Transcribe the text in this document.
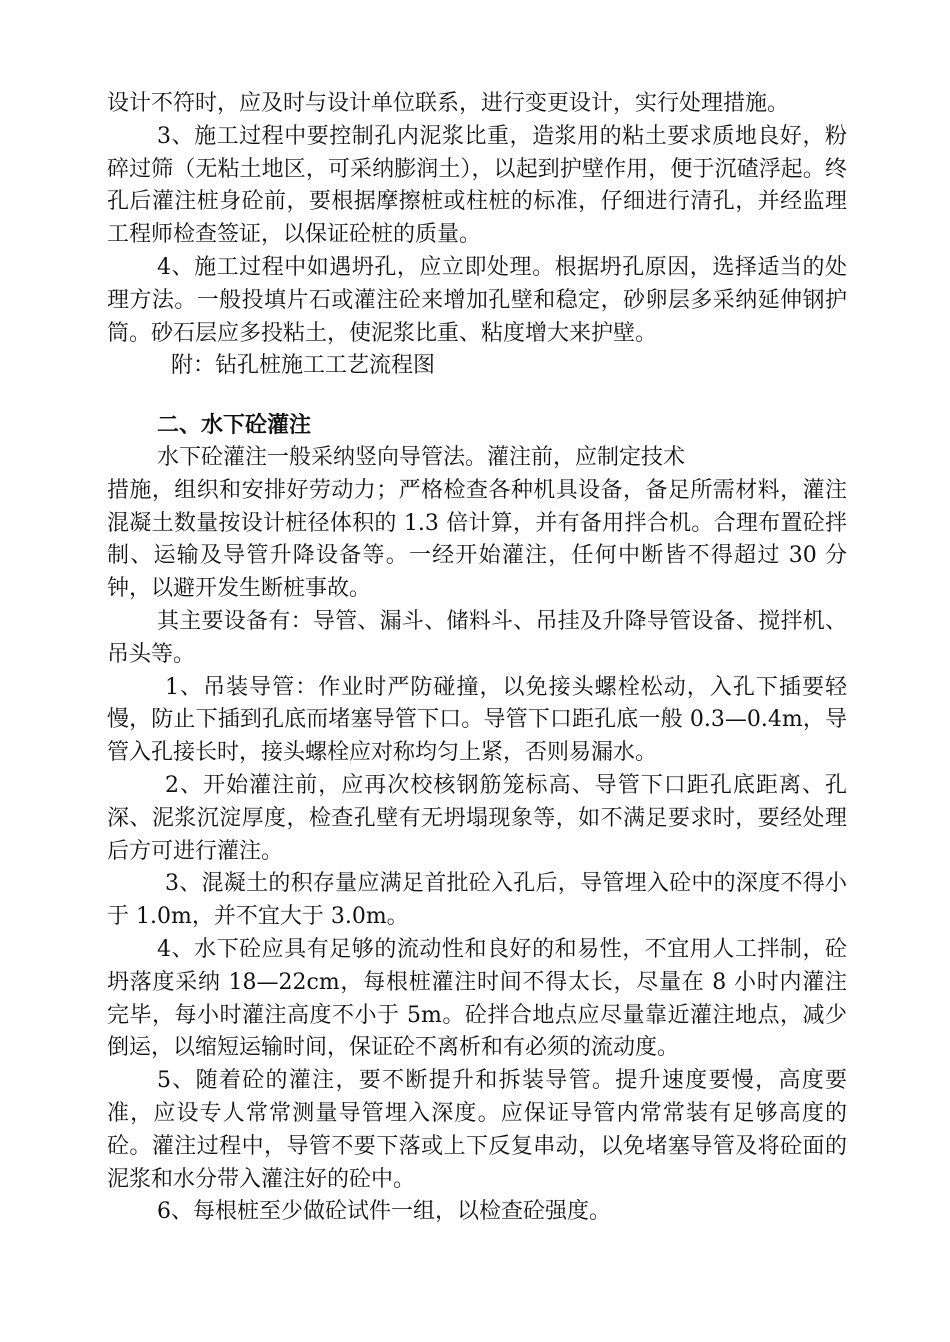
设计不符时，应及时与设计单位联系，进行变更设计，实行处理措施。

3、施工过程中要控制孔内泥浆比重，造浆用的粘土要求质地良好，粉碎过筛（无粘土地区，可采纳膨润土），以起到护壁作用，便于沉碴浮起。终孔后灌注桩身砼前，要根据摩擦桩或柱桩的标准，仔细进行清孔，并经监理工程师检查签证，以保证砼桩的质量。

4、施工过程中如遇坍孔，应立即处理。根据坍孔原因，选择适当的处理方法。一般投填片石或灌注砼来增加孔壁和稳定，砂卵层多采纳延伸钢护筒。砂石层应多投粘土，使泥浆比重、粘度增大来护壁。

附：钻孔桩施工工艺流程图

二、水下砼灌注

水下砼灌注一般采纳竖向导管法。灌注前，应制定技术

措施，组织和安排好劳动力；严格检查各种机具设备，备足所需材料，灌注混凝土数量按设计桩径体积的 1.3 倍计算，并有备用拌合机。合理布置砼拌制、运输及导管升降设备等。一经开始灌注，任何中断皆不得超过 30 分钟，以避开发生断桩事故。

其主要设备有：导管、漏斗、储料斗、吊挂及升降导管设备、搅拌机、吊头等。

1、吊装导管：作业时严防碰撞，以免接头螺栓松动，入孔下插要轻慢，防止下插到孔底而堵塞导管下口。导管下口距孔底一般 0.3—0.4m，导管入孔接长时，接头螺栓应对称均匀上紧，否则易漏水。

2、开始灌注前，应再次校核钢筋笼标高、导管下口距孔底距离、孔深、泥浆沉淀厚度，检查孔壁有无坍塌现象等，如不满足要求时，要经处理后方可进行灌注。

3、混凝土的积存量应满足首批砼入孔后，导管埋入砼中的深度不得小于 1.0m，并不宜大于 3.0m。

4、水下砼应具有足够的流动性和良好的和易性，不宜用人工拌制，砼坍落度采纳 18—22cm，每根桩灌注时间不得太长，尽量在 8 小时内灌注完毕，每小时灌注高度不小于 5m。砼拌合地点应尽量靠近灌注地点，减少倒运，以缩短运输时间，保证砼不离析和有必须的流动度。

5、随着砼的灌注，要不断提升和拆装导管。提升速度要慢，高度要准，应设专人常常测量导管埋入深度。应保证导管内常常装有足够高度的砼。灌注过程中，导管不要下落或上下反复串动，以免堵塞导管及将砼面的泥浆和水分带入灌注好的砼中。

6、每根桩至少做砼试件一组，以检查砼强度。
